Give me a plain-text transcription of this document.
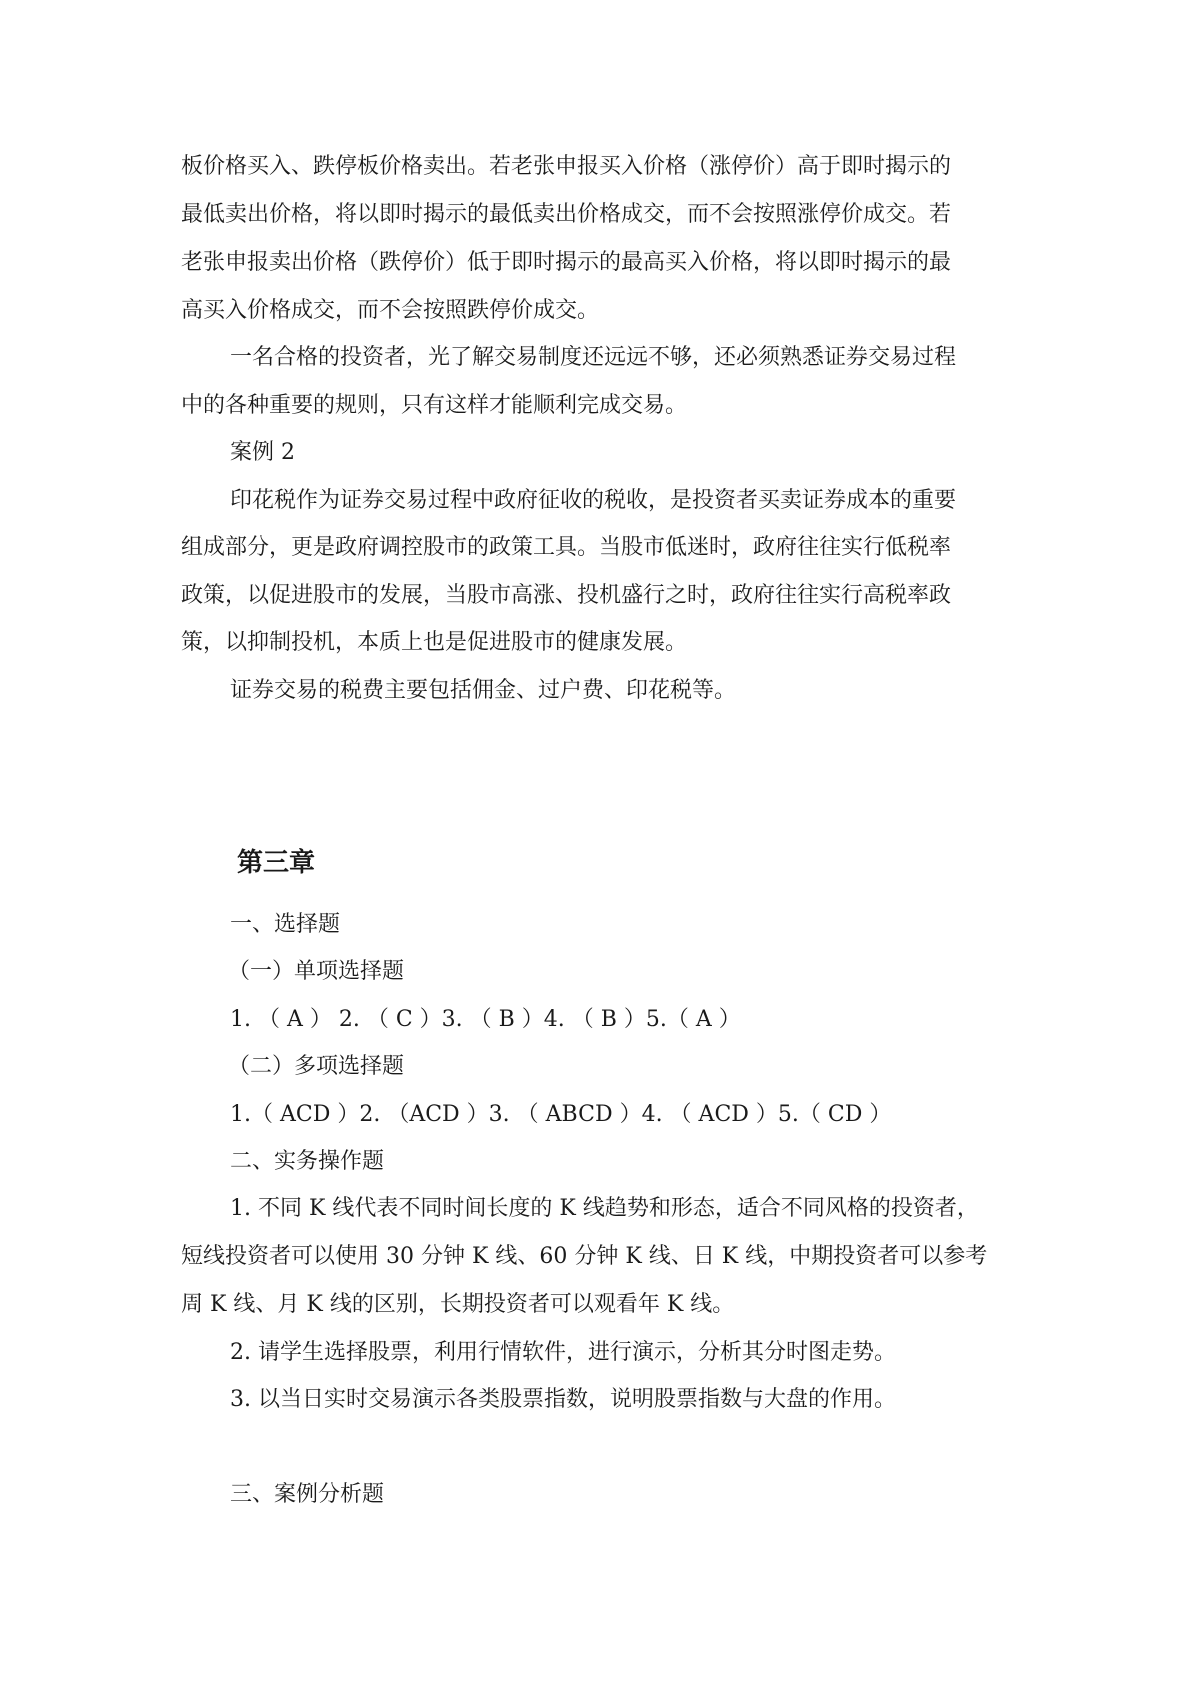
板价格买入、跌停板价格卖出。若老张申报买入价格（涨停价）高于即时揭示的
最低卖出价格，将以即时揭示的最低卖出价格成交，而不会按照涨停价成交。若
老张申报卖出价格（跌停价）低于即时揭示的最高买入价格，将以即时揭示的最
高买入价格成交，而不会按照跌停价成交。
一名合格的投资者，光了解交易制度还远远不够，还必须熟悉证券交易过程
中的各种重要的规则，只有这样才能顺利完成交易。
案例 2
印花税作为证券交易过程中政府征收的税收，是投资者买卖证券成本的重要
组成部分，更是政府调控股市的政策工具。当股市低迷时，政府往往实行低税率
政策，以促进股市的发展，当股市高涨、投机盛行之时，政府往往实行高税率政
策，以抑制投机，本质上也是促进股市的健康发展。
证券交易的税费主要包括佣金、过户费、印花税等。
第三章
一、选择题
（一）单项选择题
1. （ A ） 2. （ C ）3. （ B ）4. （ B ）5.（ A ）
（二）多项选择题
1.（ ACD ）2. （ACD ）3. （ ABCD ）4. （ ACD ）5.（ CD ）
二、实务操作题
1. 不同 K 线代表不同时间长度的 K 线趋势和形态，适合不同风格的投资者，
短线投资者可以使用 30 分钟 K 线、60 分钟 K 线、日 K 线，中期投资者可以参考
周 K 线、月 K 线的区别，长期投资者可以观看年 K 线。
2. 请学生选择股票，利用行情软件，进行演示，分析其分时图走势。
3. 以当日实时交易演示各类股票指数，说明股票指数与大盘的作用。
三、案例分析题
